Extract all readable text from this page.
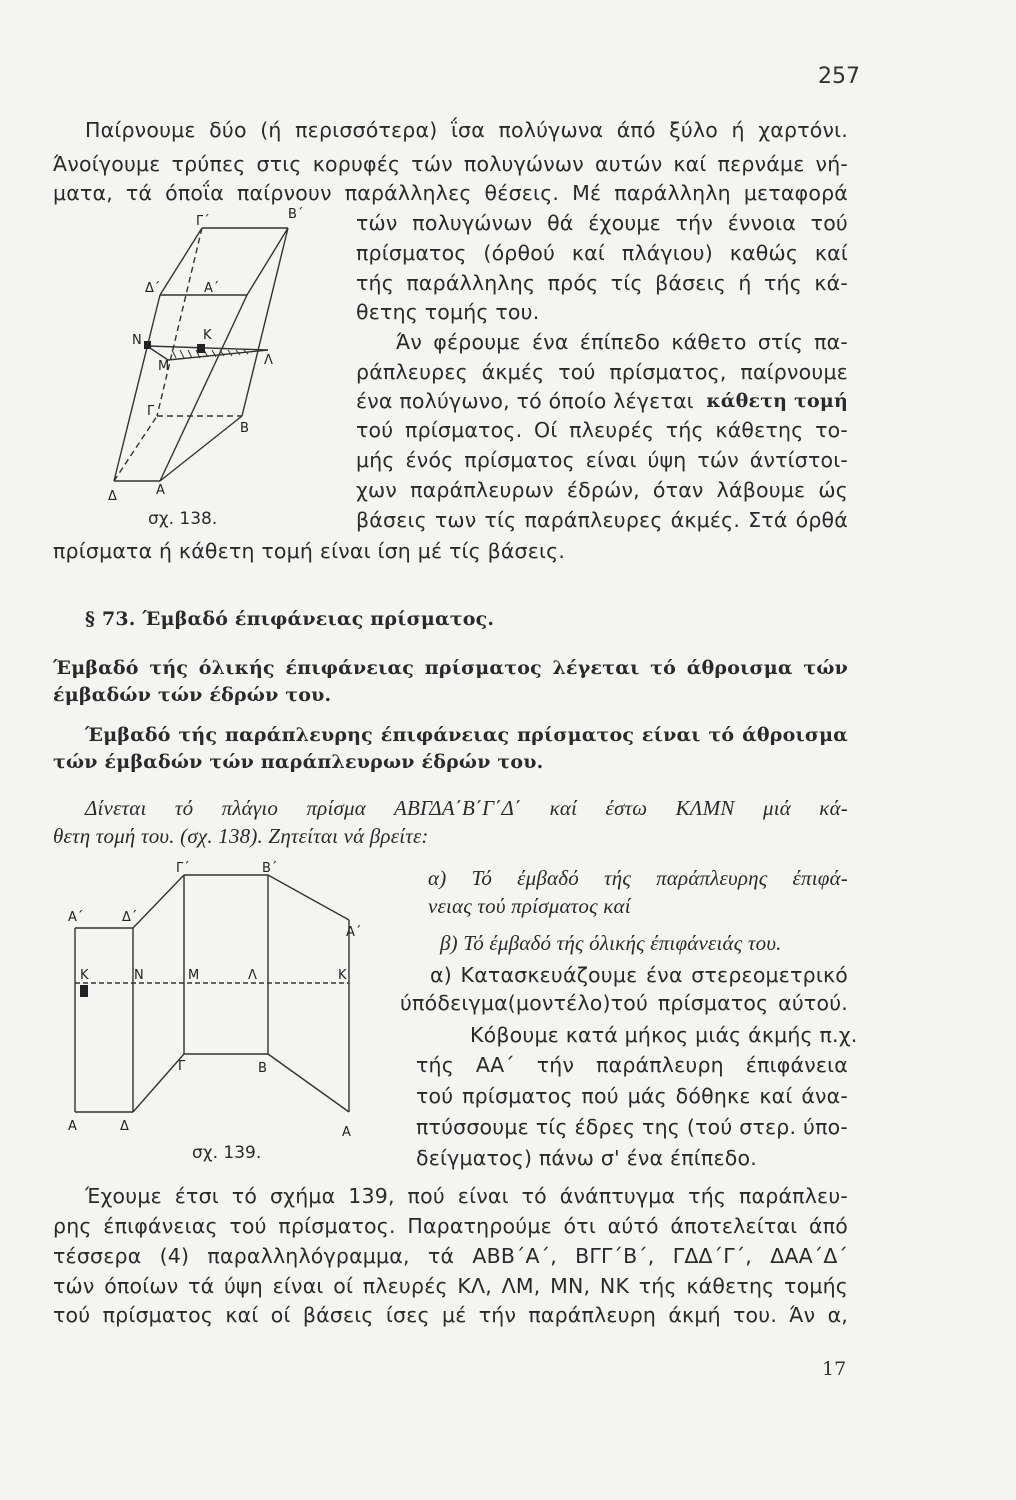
257
Παίρνουμε δύο (ή περισσότερα) ΐσα πολύγωνα άπό ξύλο ή χαρτόνι.
Άνοίγουμε τρύπες στις κορυφές τών πολυγώνων αυτών καί περνάμε νή-
ματα, τά όποΐα παίρνουν παράλληλες θέσεις. Μέ παράλληλη μεταφορά
τών πολυγώνων θά έχουμε τήν έννοια τού
πρίσματος (όρθού καί πλάγιου) καθώς καί
τής παράλληλης πρός τίς βάσεις ή τής κά-
θετης τομής του.
Άν φέρουμε ένα έπίπεδο κάθετο στίς πα-
ράπλευρες άκμές τού πρίσματος, παίρνουμε
ένα πολύγωνο, τό όποίο λέγεται κάθετη τομή
τού πρίσματος. Οί πλευρές τής κάθετης το-
μής ένός πρίσματος είναι ύψη τών άντίστοι-
χων παράπλευρων έδρών, όταν λάβουμε ώς
βάσεις των τίς παράπλευρες άκμές. Στά όρθά
πρίσματα ή κάθετη τομή είναι ίση μέ τίς βάσεις.
Γ΄	Β΄
Δ΄	Α΄
Ν	Κ
Λ
Μ
Γ
Β
Δ	Α
σχ. 138.
§ 73. Έμβαδό έπιφάνειας πρίσματος.
Έμβαδό τής όλικής έπιφάνειας πρίσματος λέγεται τό άθροισμα τών
έμβαδών τών έδρών του.
Έμβαδό τής παράπλευρης έπιφάνειας πρίσματος είναι τό άθροισμα
τών έμβαδών τών παράπλευρων έδρών του.
Δίνεται τό πλάγιο πρίσμα ΑΒΓΔΑ΄Β΄Γ΄Δ΄ καί έστω ΚΛΜΝ μιά κά-
θετη τομή του. (σχ. 138). Ζητείται νά βρείτε:
α) Τό έμβαδό τής παράπλευρης έπιφά-
νειας τού πρίσματος καί
β) Τό έμβαδό τής όλικής έπιφάνειάς του.
Γ΄	Β΄
Α΄	Δ΄
Α΄
Κ	Ν	Μ	Λ	Κ
Γ	Β
Α	Δ	Α
σχ. 139.
α) Κατασκευάζουμε ένα στερεομετρικό
ύπόδειγμα(μοντέλο)τού πρίσματος αύτού.
Κόβουμε κατά μήκος μιάς άκμής π.χ.
τής ΑΑ΄ τήν παράπλευρη έπιφάνεια
τού πρίσματος πού μάς δόθηκε καί άνα-
πτύσσουμε τίς έδρες της (τού στερ. ύπο-
δείγματος) πάνω σ' ένα έπίπεδο.
Έχουμε έτσι τό σχήμα 139, πού είναι τό άνάπτυγμα τής παράπλευ-
ρης έπιφάνειας τού πρίσματος. Παρατηρούμε ότι αύτό άποτελείται άπό
τέσσερα (4) παραλληλόγραμμα, τά ΑΒΒ΄Α΄, ΒΓΓ΄Β΄, ΓΔΔ΄Γ΄, ΔΑΑ΄Δ΄
τών όποίων τά ύψη είναι οί πλευρές ΚΛ, ΛΜ, ΜΝ, ΝΚ τής κάθετης τομής
τού πρίσματος καί οί βάσεις ίσες μέ τήν παράπλευρη άκμή του. Άν α,
17
